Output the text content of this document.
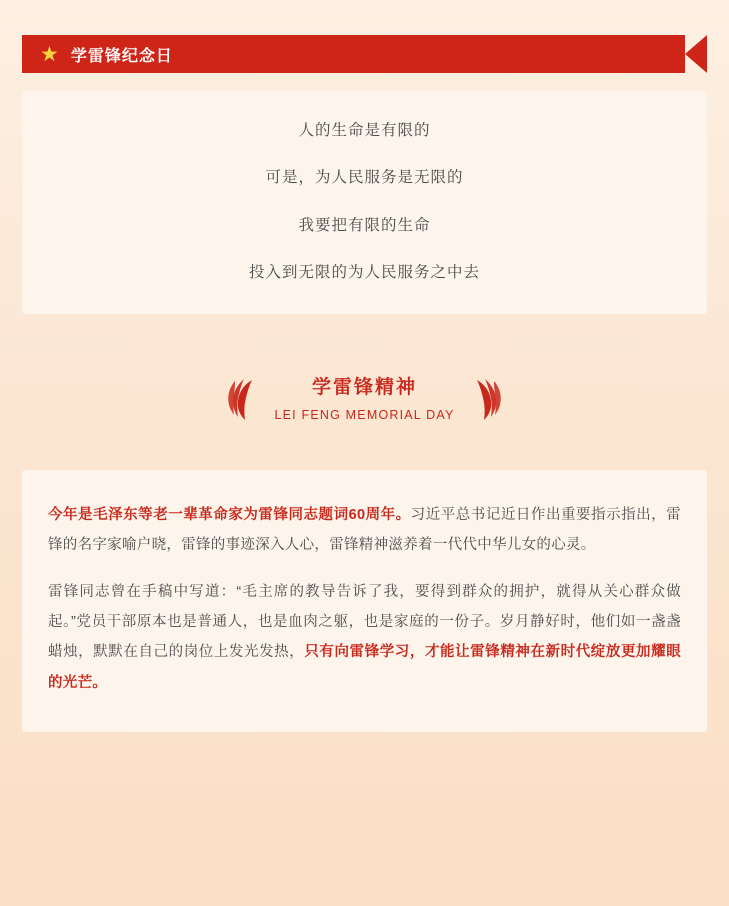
★ 学雷锋纪念日

人的生命是有限的

可是，为人民服务是无限的

我要把有限的生命

投入到无限的为人民服务之中去

学雷锋精神
LEI FENG MEMORIAL DAY

今年是毛泽东等老一辈革命家为雷锋同志题词60周年。习近平总书记近日作出重要指示指出，雷锋的名字家喻户晓，雷锋的事迹深入人心，雷锋精神滋养着一代代中华儿女的心灵。

雷锋同志曾在手稿中写道：“毛主席的教导告诉了我，要得到群众的拥护，就得从关心群众做起。”党员干部原本也是普通人，也是血肉之躯，也是家庭的一份子。岁月静好时，他们如一盏盏蜡烛，默默在自己的岗位上发光发热，只有向雷锋学习，才能让雷锋精神在新时代绽放更加耀眼的光芒。
